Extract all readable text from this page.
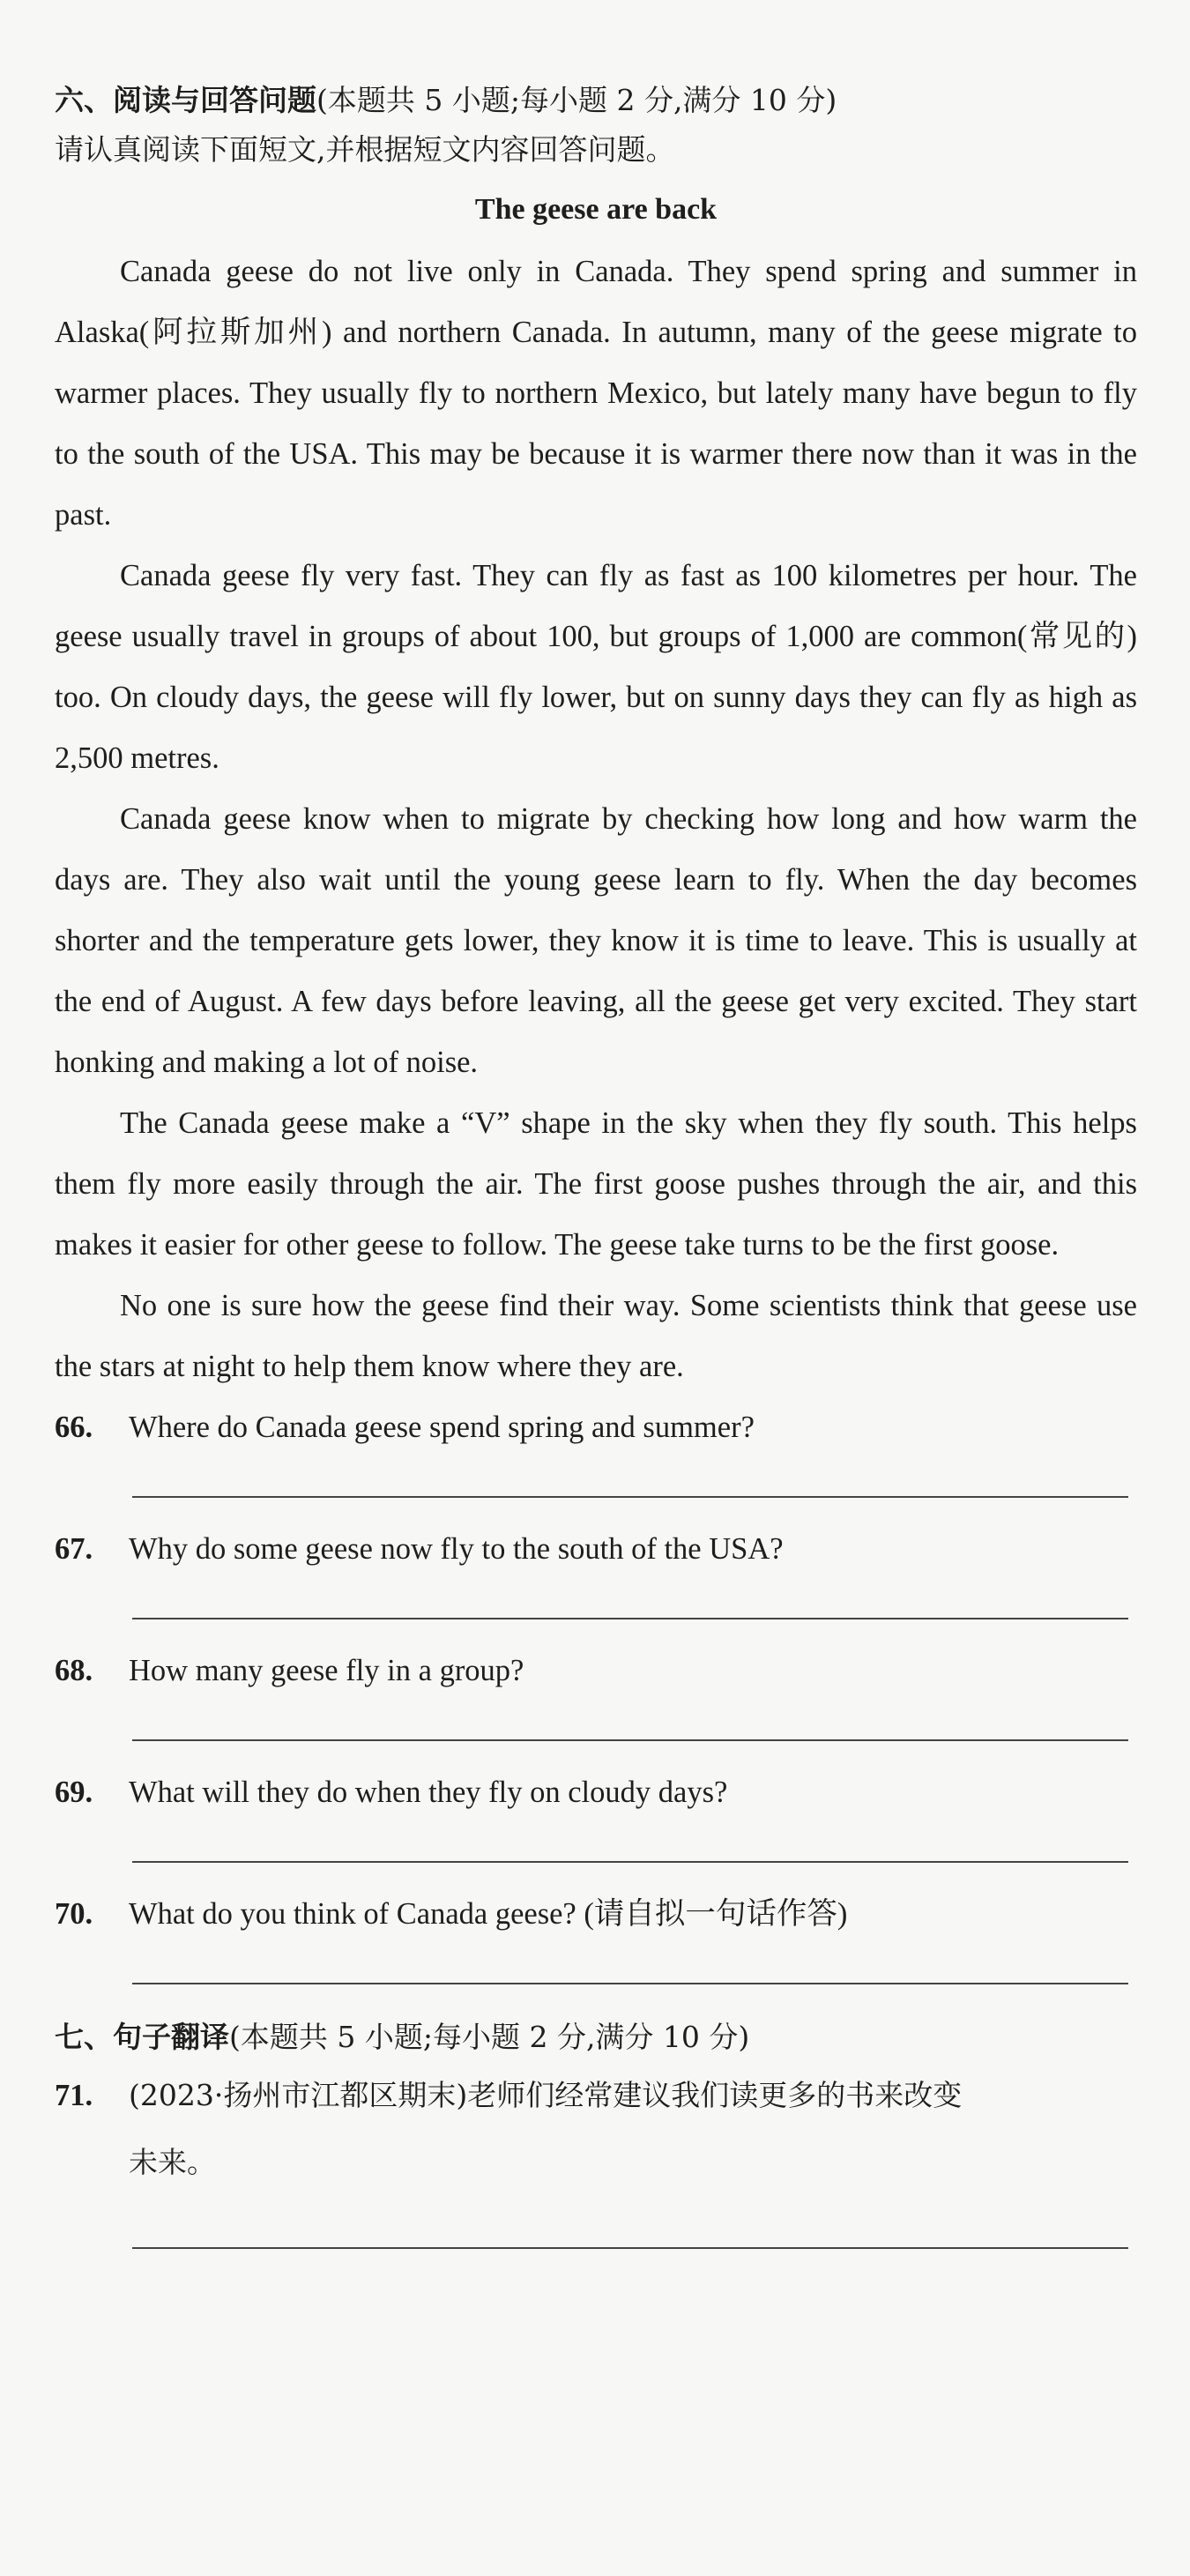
六、阅读与回答问题(本题共 5 小题;每小题 2 分,满分 10 分)
请认真阅读下面短文,并根据短文内容回答问题。
The geese are back

Canada geese do not live only in Canada. They spend spring and summer in Alaska(阿拉斯加州) and northern Canada. In autumn, many of the geese migrate to warmer places. They usually fly to northern Mexico, but lately many have begun to fly to the south of the USA. This may be because it is warmer there now than it was in the past.

Canada geese fly very fast. They can fly as fast as 100 kilometres per hour. The geese usually travel in groups of about 100, but groups of 1,000 are common(常见的) too. On cloudy days, the geese will fly lower, but on sunny days they can fly as high as 2,500 metres.

Canada geese know when to migrate by checking how long and how warm the days are. They also wait until the young geese learn to fly. When the day becomes shorter and the temperature gets lower, they know it is time to leave. This is usually at the end of August. A few days before leaving, all the geese get very excited. They start honking and making a lot of noise.

The Canada geese make a “V” shape in the sky when they fly south. This helps them fly more easily through the air. The first goose pushes through the air, and this makes it easier for other geese to follow. The geese take turns to be the first goose.

No one is sure how the geese find their way. Some scientists think that geese use the stars at night to help them know where they are.

66. Where do Canada geese spend spring and summer?
67. Why do some geese now fly to the south of the USA?
68. How many geese fly in a group?
69. What will they do when they fly on cloudy days?
70. What do you think of Canada geese? (请自拟一句话作答)
七、句子翻译(本题共 5 小题;每小题 2 分,满分 10 分)
71. (2023·扬州市江都区期末)老师们经常建议我们读更多的书来改变
未来。
